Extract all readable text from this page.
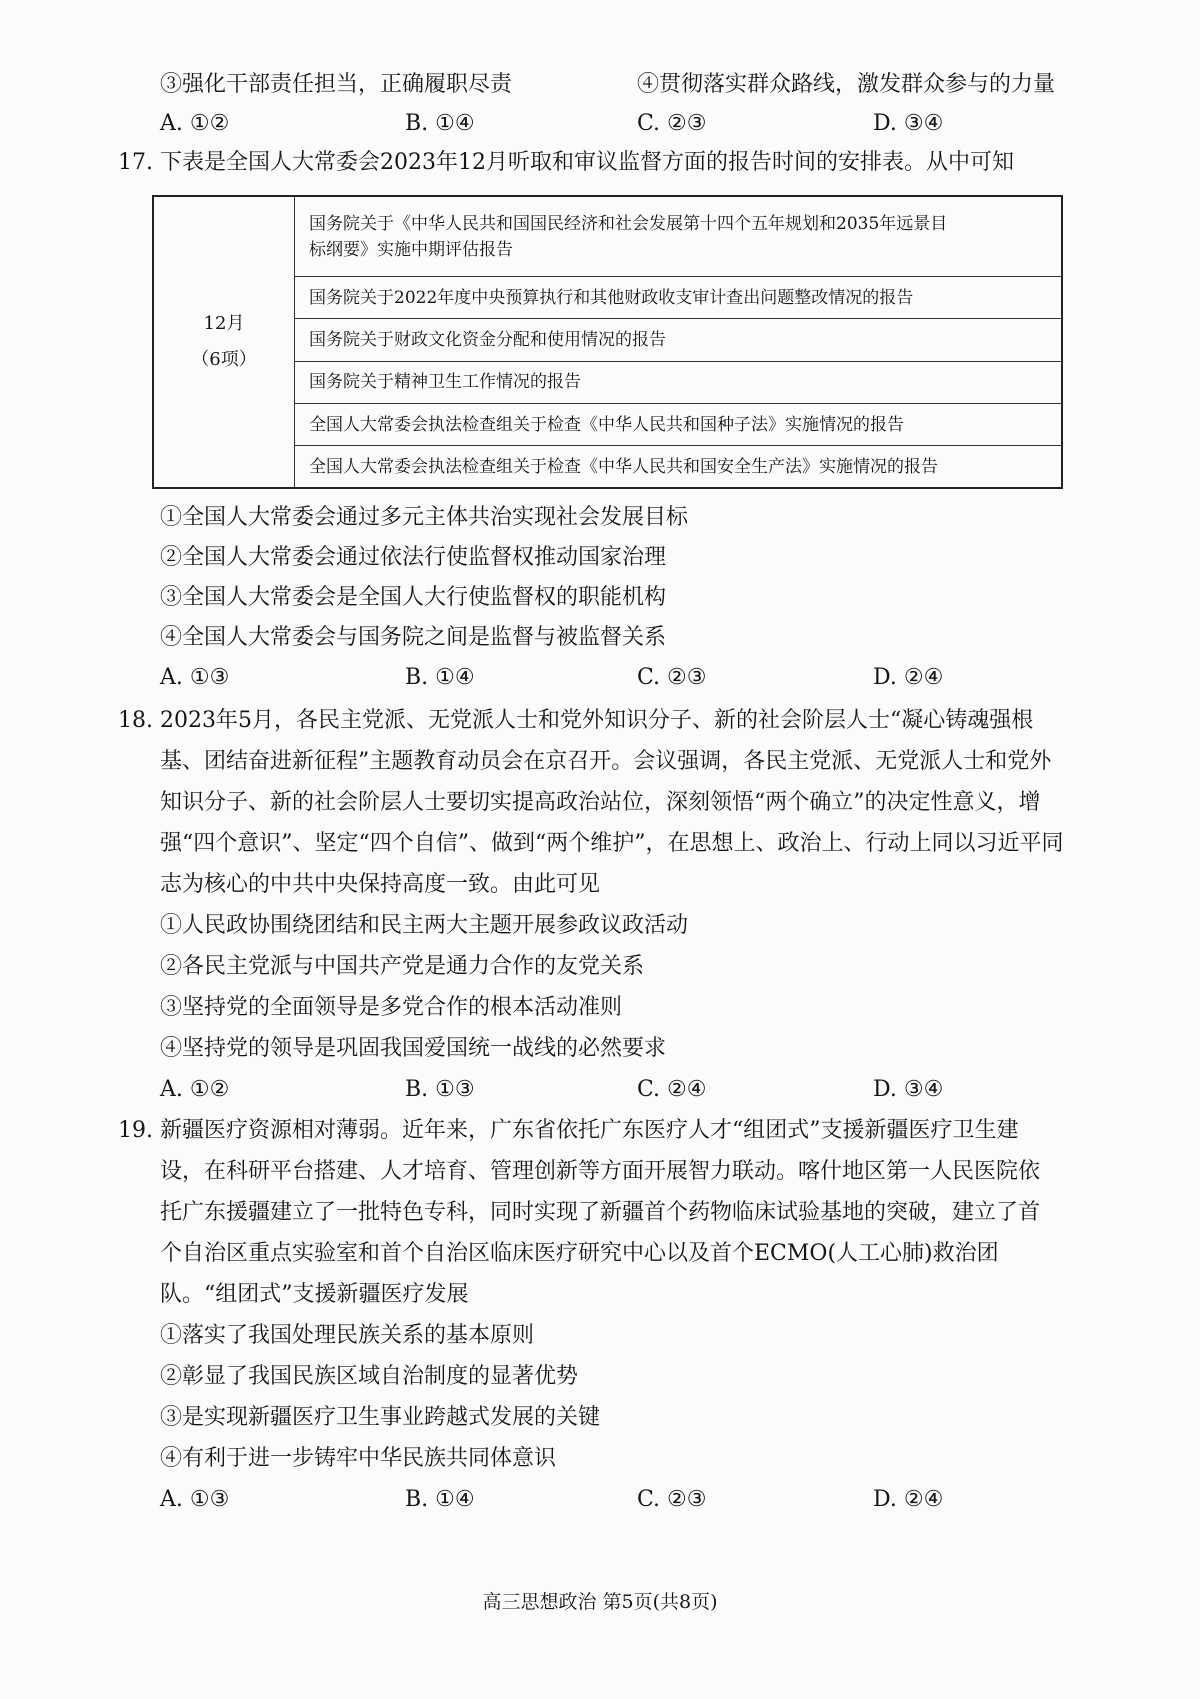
③强化干部责任担当，正确履职尽责	④贯彻落实群众路线，激发群众参与的力量
A. ①②	B. ①④	C. ②③	D. ③④
17. 下表是全国人大常委会2023年12月听取和审议监督方面的报告时间的安排表。从中可知
12月
（6项）	国务院关于《中华人民共和国国民经济和社会发展第十四个五年规划和2035年远景目
标纲要》实施中期评估报告
国务院关于2022年度中央预算执行和其他财政收支审计查出问题整改情况的报告
国务院关于财政文化资金分配和使用情况的报告
国务院关于精神卫生工作情况的报告
全国人大常委会执法检查组关于检查《中华人民共和国种子法》实施情况的报告
全国人大常委会执法检查组关于检查《中华人民共和国安全生产法》实施情况的报告
①全国人大常委会通过多元主体共治实现社会发展目标
②全国人大常委会通过依法行使监督权推动国家治理
③全国人大常委会是全国人大行使监督权的职能机构
④全国人大常委会与国务院之间是监督与被监督关系
A. ①③	B. ①④	C. ②③	D. ②④
18. 2023年5月，各民主党派、无党派人士和党外知识分子、新的社会阶层人士“凝心铸魂强根
基、团结奋进新征程”主题教育动员会在京召开。会议强调，各民主党派、无党派人士和党外
知识分子、新的社会阶层人士要切实提高政治站位，深刻领悟“两个确立”的决定性意义，增
强“四个意识”、坚定“四个自信”、做到“两个维护”，在思想上、政治上、行动上同以习近平同
志为核心的中共中央保持高度一致。由此可见
①人民政协围绕团结和民主两大主题开展参政议政活动
②各民主党派与中国共产党是通力合作的友党关系
③坚持党的全面领导是多党合作的根本活动准则
④坚持党的领导是巩固我国爱国统一战线的必然要求
A. ①②	B. ①③	C. ②④	D. ③④
19. 新疆医疗资源相对薄弱。近年来，广东省依托广东医疗人才“组团式”支援新疆医疗卫生建
设，在科研平台搭建、人才培育、管理创新等方面开展智力联动。喀什地区第一人民医院依
托广东援疆建立了一批特色专科，同时实现了新疆首个药物临床试验基地的突破，建立了首
个自治区重点实验室和首个自治区临床医疗研究中心以及首个ECMO(人工心肺)救治团
队。“组团式”支援新疆医疗发展
①落实了我国处理民族关系的基本原则
②彰显了我国民族区域自治制度的显著优势
③是实现新疆医疗卫生事业跨越式发展的关键
④有利于进一步铸牢中华民族共同体意识
A. ①③	B. ①④	C. ②③	D. ②④
高三思想政治 第5页(共8页)
